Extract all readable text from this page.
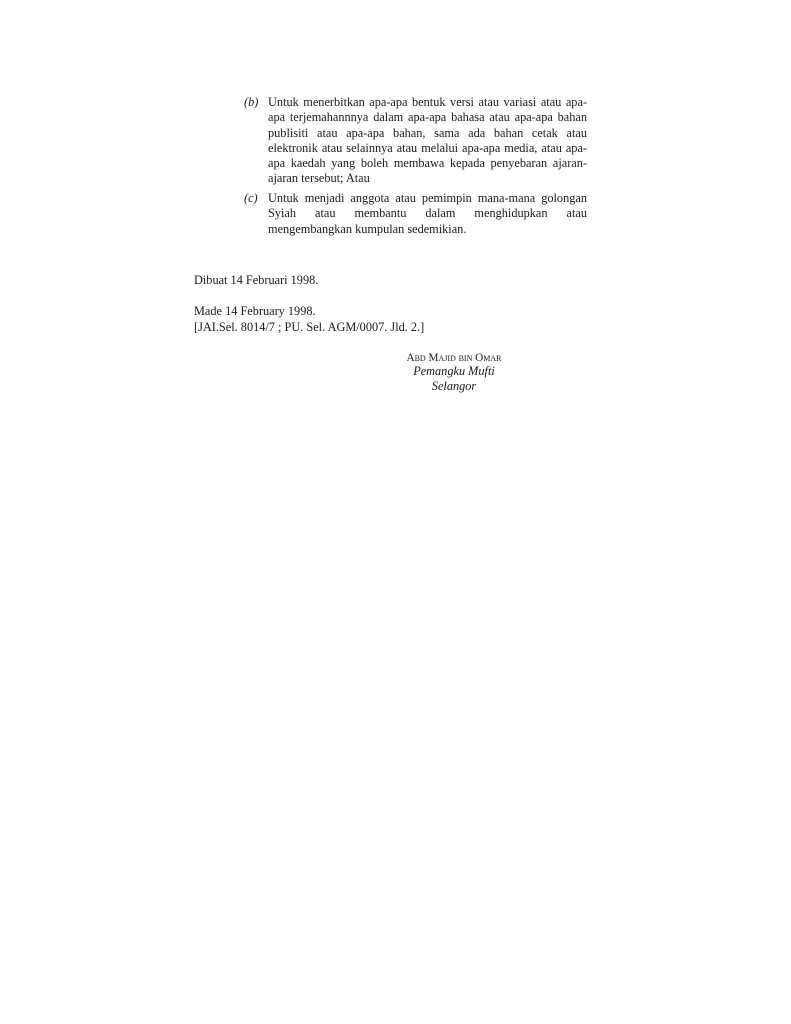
(b) Untuk menerbitkan apa-apa bentuk versi atau variasi atau apa-apa terjemahannnya dalam apa-apa bahasa atau apa-apa bahan publisiti atau apa-apa bahan, sama ada bahan cetak atau elektronik atau selainnya atau melalui apa-apa media, atau apa-apa kaedah yang boleh membawa kepada penyebaran ajaran-ajaran tersebut; Atau
(c) Untuk menjadi anggota atau pemimpin mana-mana golongan Syiah atau membantu dalam menghidupkan atau mengembangkan kumpulan sedemikian.
Dibuat 14 Februari 1998.
Made 14 February 1998.
[JAI.Sel. 8014/7 ; PU. Sel. AGM/0007. Jld. 2.]
Abd Majid bin Omar
Pemangku Mufti
Selangor
